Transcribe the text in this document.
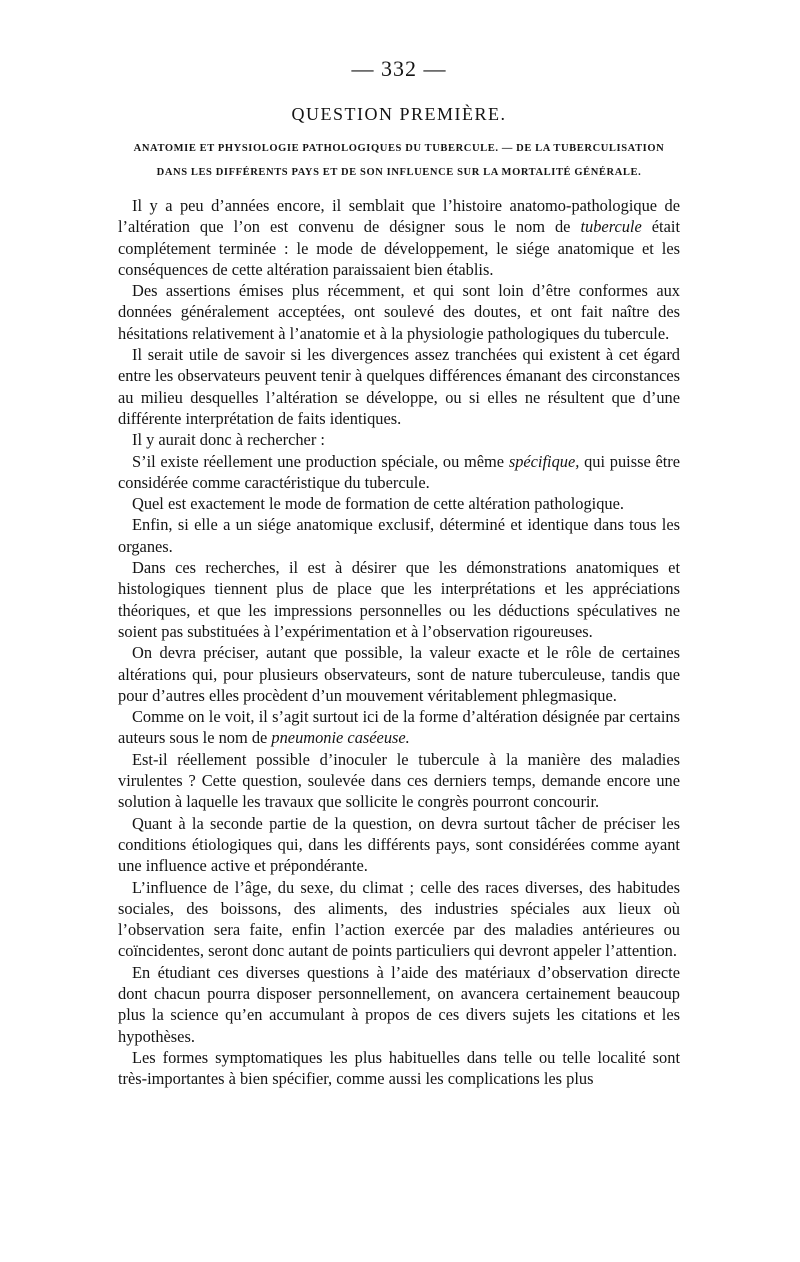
— 332 —
QUESTION PREMIÈRE.
ANATOMIE ET PHYSIOLOGIE PATHOLOGIQUES DU TUBERCULE. — DE LA TUBERCULISATION
DANS LES DIFFÉRENTS PAYS ET DE SON INFLUENCE SUR LA MORTALITÉ GÉNÉRALE.

Il y a peu d’années encore, il semblait que l’histoire anatomo-pathologique de l’altération que l’on est convenu de désigner sous le nom de tubercule était complétement terminée : le mode de développement, le siége anatomique et les conséquences de cette altération paraissaient bien établis.

Des assertions émises plus récemment, et qui sont loin d’être conformes aux données généralement acceptées, ont soulevé des doutes, et ont fait naître des hésitations relativement à l’anatomie et à la physiologie pathologiques du tubercule.

Il serait utile de savoir si les divergences assez tranchées qui existent à cet égard entre les observateurs peuvent tenir à quelques différences émanant des circonstances au milieu desquelles l’altération se développe, ou si elles ne résultent que d’une différente interprétation de faits identiques.

Il y aurait donc à rechercher :

S’il existe réellement une production spéciale, ou même spécifique, qui puisse être considérée comme caractéristique du tubercule.

Quel est exactement le mode de formation de cette altération pathologique.

Enfin, si elle a un siége anatomique exclusif, déterminé et identique dans tous les organes.

Dans ces recherches, il est à désirer que les démonstrations anatomiques et histologiques tiennent plus de place que les interprétations et les appréciations théoriques, et que les impressions personnelles ou les déductions spéculatives ne soient pas substituées à l’expérimentation et à l’observation rigoureuses.

On devra préciser, autant que possible, la valeur exacte et le rôle de certaines altérations qui, pour plusieurs observateurs, sont de nature tuberculeuse, tandis que pour d’autres elles procèdent d’un mouvement véritablement phlegmasique.

Comme on le voit, il s’agit surtout ici de la forme d’altération désignée par certains auteurs sous le nom de pneumonie caséeuse.

Est-il réellement possible d’inoculer le tubercule à la manière des maladies virulentes ? Cette question, soulevée dans ces derniers temps, demande encore une solution à laquelle les travaux que sollicite le congrès pourront concourir.

Quant à la seconde partie de la question, on devra surtout tâcher de préciser les conditions étiologiques qui, dans les différents pays, sont considérées comme ayant une influence active et prépondérante.

L’influence de l’âge, du sexe, du climat ; celle des races diverses, des habitudes sociales, des boissons, des aliments, des industries spéciales aux lieux où l’observation sera faite, enfin l’action exercée par des maladies antérieures ou coïncidentes, seront donc autant de points particuliers qui devront appeler l’attention.

En étudiant ces diverses questions à l’aide des matériaux d’observation directe dont chacun pourra disposer personnellement, on avancera certainement beaucoup plus la science qu’en accumulant à propos de ces divers sujets les citations et les hypothèses.

Les formes symptomatiques les plus habituelles dans telle ou telle localité sont très-importantes à bien spécifier, comme aussi les complications les plus
